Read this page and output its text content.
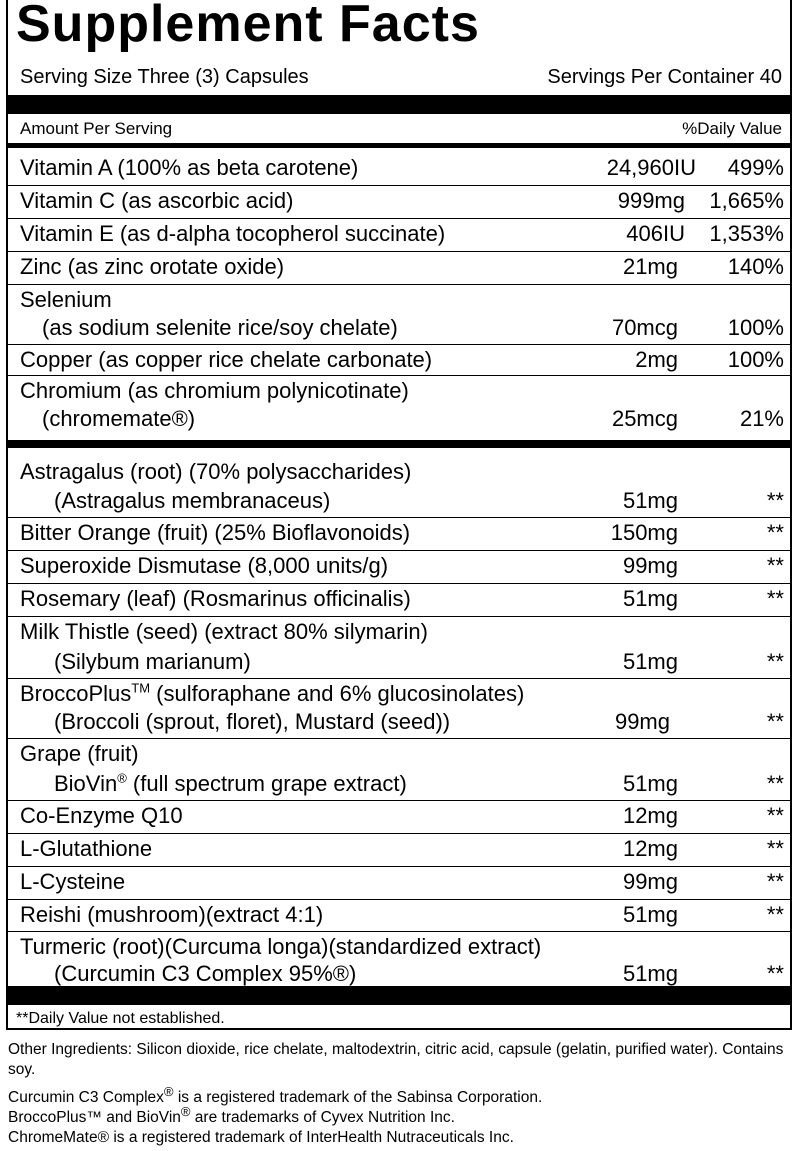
Supplement Facts
Serving Size Three (3) Capsules	Servings Per Container 40
Amount Per Serving	%Daily Value
Vitamin A (100% as beta carotene)	24,960IU 499%
Vitamin C (as ascorbic acid)	999mg 1,665%
Vitamin E (as d-alpha tocopherol succinate)	406IU 1,353%
Zinc (as zinc orotate oxide)	21mg 140%
Selenium
(as sodium selenite rice/soy chelate)	70mcg 100%
Copper (as copper rice chelate carbonate)	2mg 100%
Chromium (as chromium polynicotinate)
(chromemate®)	25mcg	21%
Astragalus (root) (70% polysaccharides)
(Astragalus membranaceus)	51mg	**
Bitter Orange (fruit) (25% Bioflavonoids)	150mg	**
Superoxide Dismutase (8,000 units/g)	99mg	**
Rosemary (leaf) (Rosmarinus officinalis)	51mg	**
Milk Thistle (seed) (extract 80% silymarin)
(Silybum marianum)	51mg	**
BroccoPlus™ (sulforaphane and 6% glucosinolates)
(Broccoli (sprout, floret), Mustard (seed))	99mg	**
Grape (fruit)
BioVin® (full spectrum grape extract)	51mg	**
Co-Enzyme Q10	12mg	**
L-Glutathione	12mg	**
L-Cysteine	99mg	**
Reishi (mushroom)(extract 4:1)	51mg	**
Turmeric (root)(Curcuma longa)(standardized extract)
(Curcumin C3 Complex 95%®)	51mg	**
**Daily Value not established.
Other Ingredients: Silicon dioxide, rice chelate, maltodextrin, citric acid, capsule (gelatin, purified water). Contains soy.
Curcumin C3 Complex® is a registered trademark of the Sabinsa Corporation.
BroccoPlus™ and BioVin® are trademarks of Cyvex Nutrition Inc.
ChromeMate® is a registered trademark of InterHealth Nutraceuticals Inc.
